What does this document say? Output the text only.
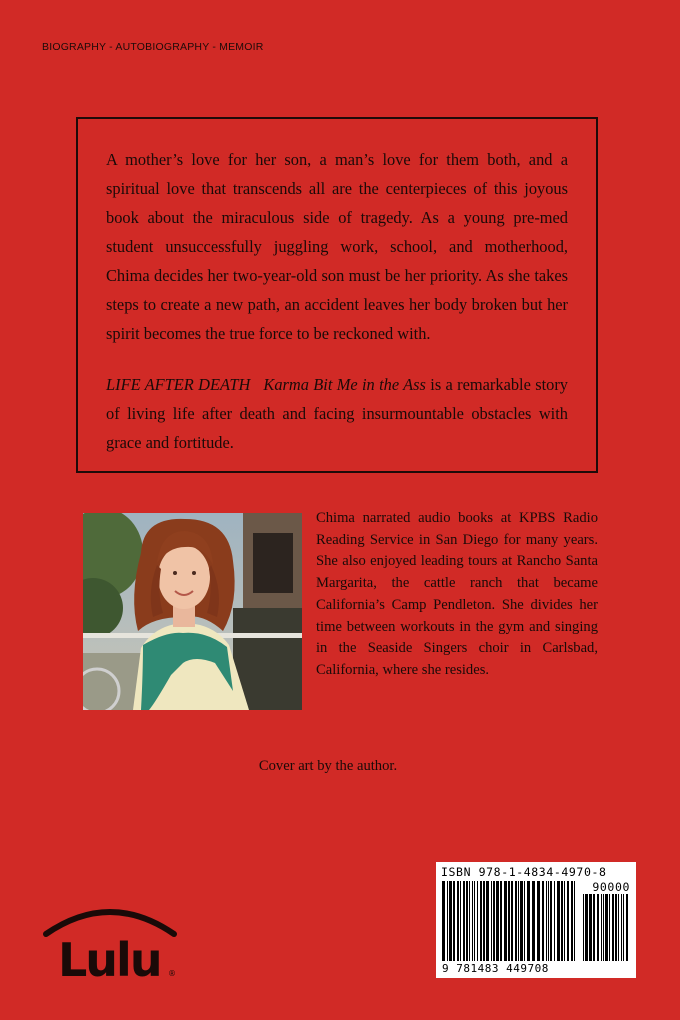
BIOGRAPHY - AUTOBIOGRAPHY - MEMOIR

A mother’s love for her son, a man’s love for them both, and a spiritual love that transcends all are the centerpieces of this joyous book about the miraculous side of tragedy. As a young pre-med student unsuccessfully juggling work, school, and motherhood, Chima decides her two-year-old son must be her priority. As she takes steps to create a new path, an accident leaves her body broken but her spirit becomes the true force to be reckoned with.

LIFE AFTER DEATH Karma Bit Me in the Ass is a remarkable story of living life after death and facing insurmountable obstacles with grace and fortitude.

Chima narrated audio books at KPBS Radio Reading Service in San Diego for many years. She also enjoyed leading tours at Rancho Santa Margarita, the cattle ranch that became California’s Camp Pendleton. She divides her time between workouts in the gym and singing in the Seaside Singers choir in Carlsbad, California, where she resides.

Cover art by the author.
Lulu ®
ISBN 978-1-4834-4970-8
90000
9 781483 449708
